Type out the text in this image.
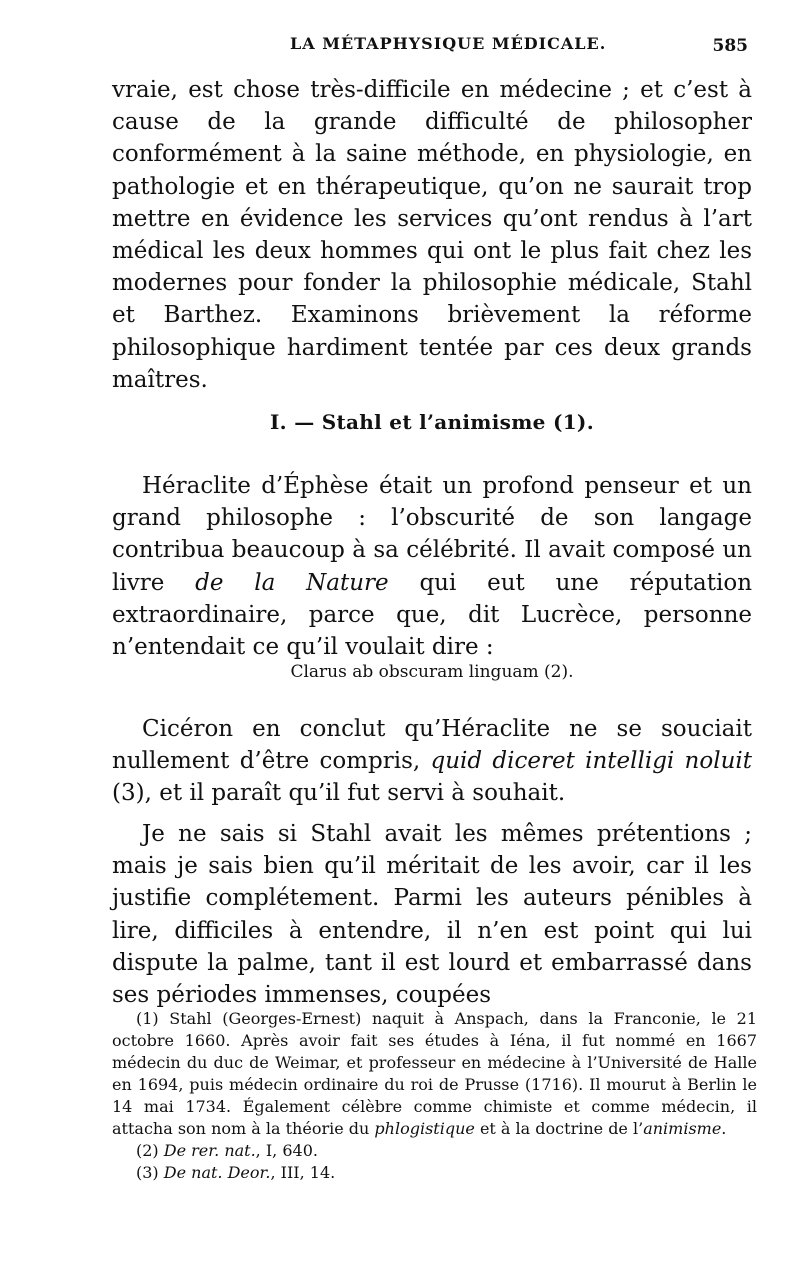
LA MÉTAPHYSIQUE MÉDICALE.	585

vraie, est chose très-difficile en médecine ; et c’est à cause de la grande difficulté de philosopher conformément à la saine méthode, en physiologie, en pathologie et en thérapeutique, qu’on ne saurait trop mettre en évidence les services qu’ont rendus à l’art médical les deux hommes qui ont le plus fait chez les modernes pour fonder la philosophie médicale, Stahl et Barthez. Examinons brièvement la réforme philosophique hardiment tentée par ces deux grands maîtres.

I. — Stahl et l’animisme (1).
Héraclite d’Éphèse était un profond penseur et un grand philosophe : l’obscurité de son langage contribua beaucoup à sa célébrité. Il avait composé un livre de la Nature qui eut une réputation extraordinaire, parce que, dit Lucrèce, personne n’entendait ce qu’il voulait dire :
Clarus ab obscuram linguam (2).
Cicéron en conclut qu’Héraclite ne se souciait nullement d’être compris, quid diceret intelligi noluit (3), et il paraît qu’il fut servi à souhait.

Je ne sais si Stahl avait les mêmes prétentions ; mais je sais bien qu’il méritait de les avoir, car il les justifie complétement. Parmi les auteurs pénibles à lire, difficiles à entendre, il n’en est point qui lui dispute la palme, tant il est lourd et embarrassé dans ses périodes immenses, coupées

(1) Stahl (Georges-Ernest) naquit à Anspach, dans la Franconie, le 21 octobre 1660. Après avoir fait ses études à Iéna, il fut nommé en 1667 médecin du duc de Weimar, et professeur en médecine à l’Université de Halle en 1694, puis médecin ordinaire du roi de Prusse (1716). Il mourut à Berlin le 14 mai 1734. Également célèbre comme chimiste et comme médecin, il attacha son nom à la théorie du phlogistique et à la doctrine de l’animisme.

(2) De rer. nat., I, 640.

(3) De nat. Deor., III, 14.
